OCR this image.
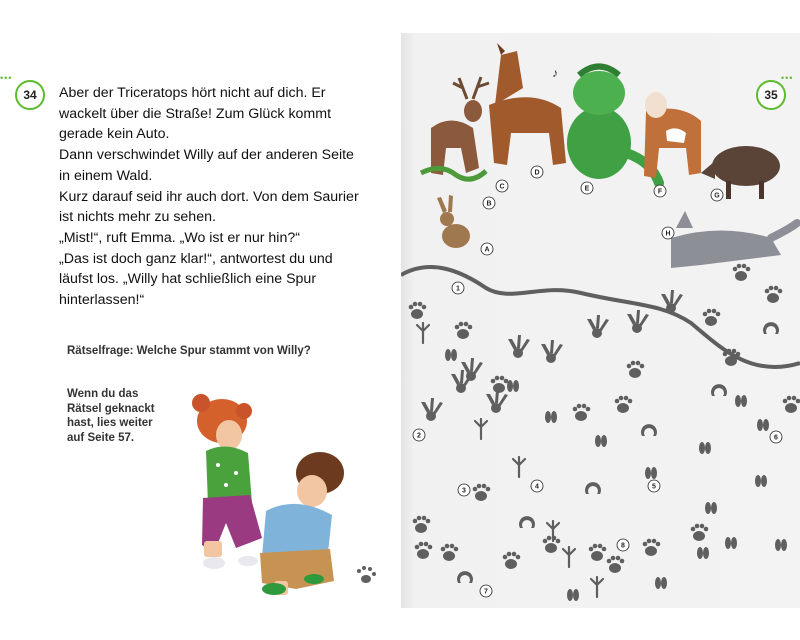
•••
34	Aber der Triceratops hört nicht auf dich. Er
wackelt über die Straße! Zum Glück kommt
gerade kein Auto.
Dann verschwindet Willy auf der anderen Seite
in einem Wald.
Kurz darauf seid ihr auch dort. Von dem Saurier
ist nichts mehr zu sehen.
„Mist!“, ruft Emma. „Wo ist er nur hin?“
„Das ist doch ganz klar!“, antwortest du und
läufst los. „Willy hat schließlich eine Spur
hinterlassen!“
Rätselfrage: Welche Spur stammt von Willy?
Wenn du das
Rätsel geknackt
hast, lies weiter
auf Seite 57.
♪
A
B
C
D
E	F
G
H
1
2
3
4	5
6
7
8
•••
35
